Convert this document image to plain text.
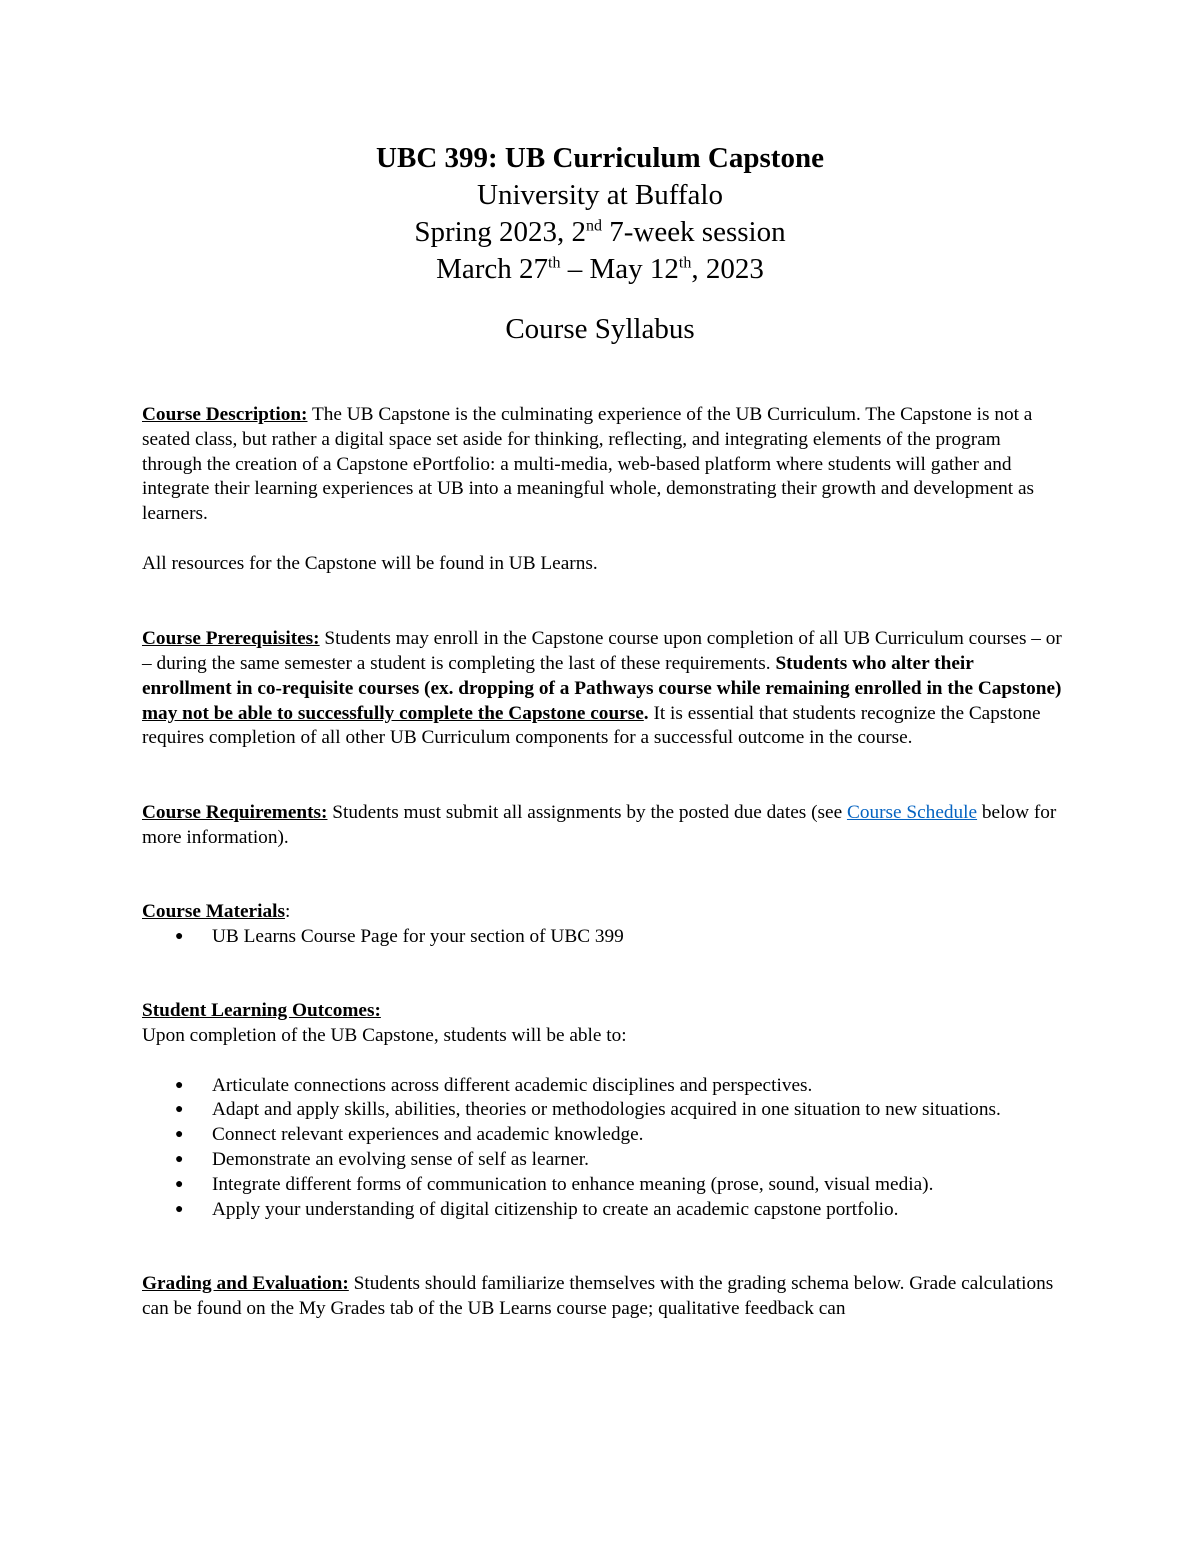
UBC 399: UB Curriculum Capstone
University at Buffalo
Spring 2023, 2nd 7-week session
March 27th – May 12th, 2023
Course Syllabus

Course Description: The UB Capstone is the culminating experience of the UB Curriculum. The Capstone is not a seated class, but rather a digital space set aside for thinking, reflecting, and integrating elements of the program through the creation of a Capstone ePortfolio: a multi-media, web-based platform where students will gather and integrate their learning experiences at UB into a meaningful whole, demonstrating their growth and development as learners.

All resources for the Capstone will be found in UB Learns.

Course Prerequisites: Students may enroll in the Capstone course upon completion of all UB Curriculum courses – or – during the same semester a student is completing the last of these requirements. Students who alter their enrollment in co-requisite courses (ex. dropping of a Pathways course while remaining enrolled in the Capstone) may not be able to successfully complete the Capstone course. It is essential that students recognize the Capstone requires completion of all other UB Curriculum components for a successful outcome in the course.

Course Requirements: Students must submit all assignments by the posted due dates (see Course Schedule below for more information).

Course Materials:

● UB Learns Course Page for your section of UBC 399

Student Learning Outcomes:

Upon completion of the UB Capstone, students will be able to:

● Articulate connections across different academic disciplines and perspectives.
● Adapt and apply skills, abilities, theories or methodologies acquired in one situation to new situations.
● Connect relevant experiences and academic knowledge.
● Demonstrate an evolving sense of self as learner.
● Integrate different forms of communication to enhance meaning (prose, sound, visual media).
● Apply your understanding of digital citizenship to create an academic capstone portfolio.

Grading and Evaluation: Students should familiarize themselves with the grading schema below. Grade calculations can be found on the My Grades tab of the UB Learns course page; qualitative feedback can
